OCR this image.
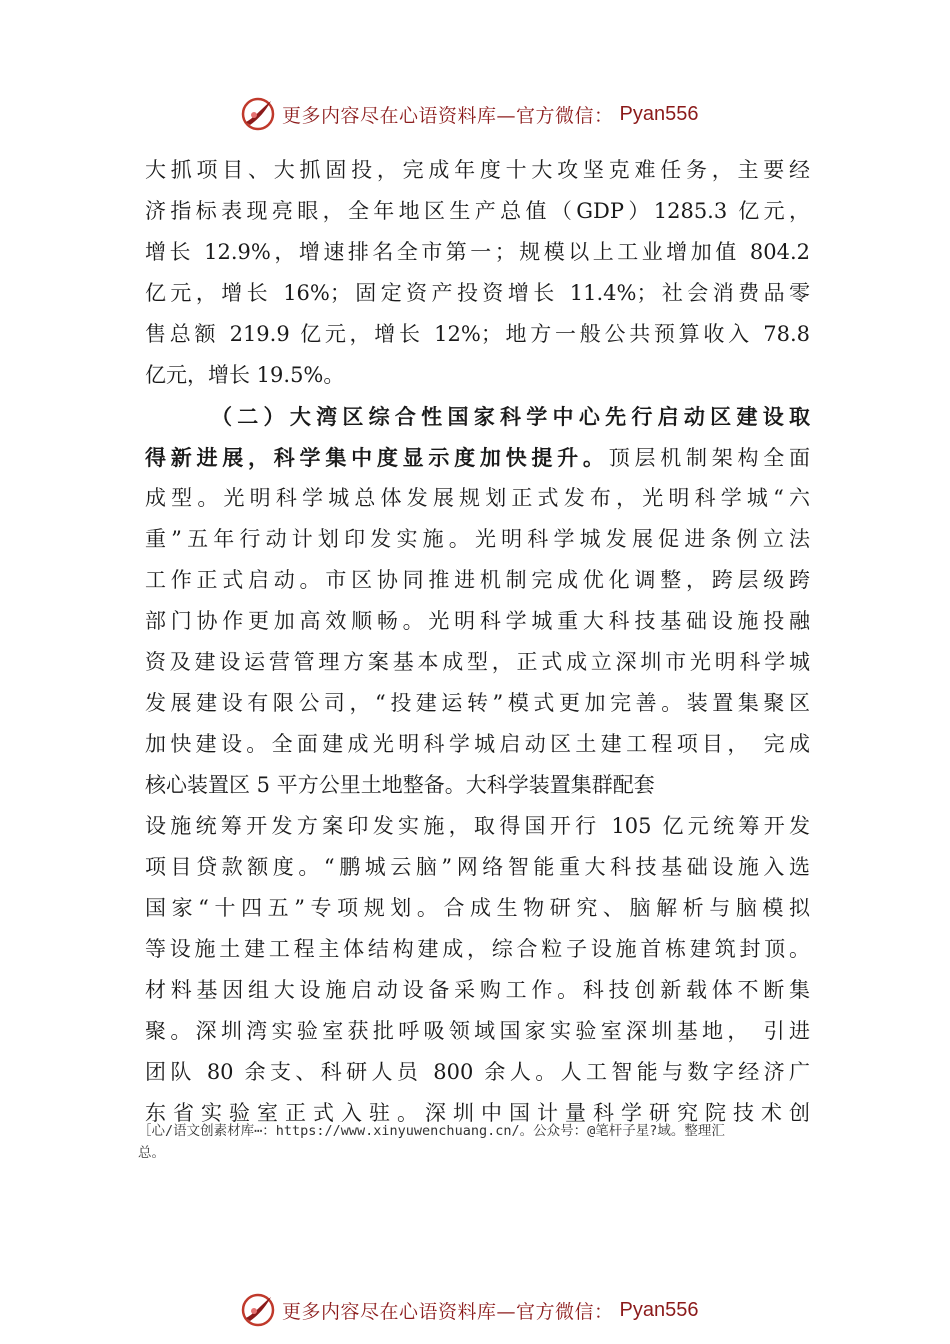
更多内容尽在心语资料库—官方微信： Pyan556
大抓项目、大抓固投，完成年度十大攻坚克难任务，主要经
济指标表现亮眼，全年地区生产总值（GDP）1285.3 亿元，
增长 12.9%，增速排名全市第一；规模以上工业增加值 804.2
亿元，增长 16%；固定资产投资增长 11.4%；社会消费品零
售总额 219.9 亿元，增长 12%；地方一般公共预算收入 78.8
亿元，增长 19.5%。
（二）大湾区综合性国家科学中心先行启动区建设取
得新进展，科学集中度显示度加快提升。顶层机制架构全面
成型。光明科学城总体发展规划正式发布，光明科学城“六
重”五年行动计划印发实施。光明科学城发展促进条例立法
工作正式启动。市区协同推进机制完成优化调整，跨层级跨
部门协作更加高效顺畅。光明科学城重大科技基础设施投融
资及建设运营管理方案基本成型，正式成立深圳市光明科学城
发展建设有限公司，“投建运转”模式更加完善。装置集聚区
加快建设。全面建成光明科学城启动区土建工程项目， 完成
核心装置区 5 平方公里土地整备。大科学装置集群配套
设施统筹开发方案印发实施，取得国开行 105 亿元统筹开发
项目贷款额度。“鹏城云脑”网络智能重大科技基础设施入选
国家“十四五”专项规划。合成生物研究、脑解析与脑模拟
等设施土建工程主体结构建成，综合粒子设施首栋建筑封顶。
材料基因组大设施启动设备采购工作。科技创新载体不断集
聚。深圳湾实验室获批呼吸领域国家实验室深圳基地， 引进
团队 80 余支、科研人员 800 余人。人工智能与数字经济广
东省实验室正式入驻。深圳中国计量科学研究院技术创
［心/语文创素材库⋯：https://www.xinyuwenchuang.cn/。公众号：@笔杆子星?域。整理汇
总。
更多内容尽在心语资料库—官方微信： Pyan556
